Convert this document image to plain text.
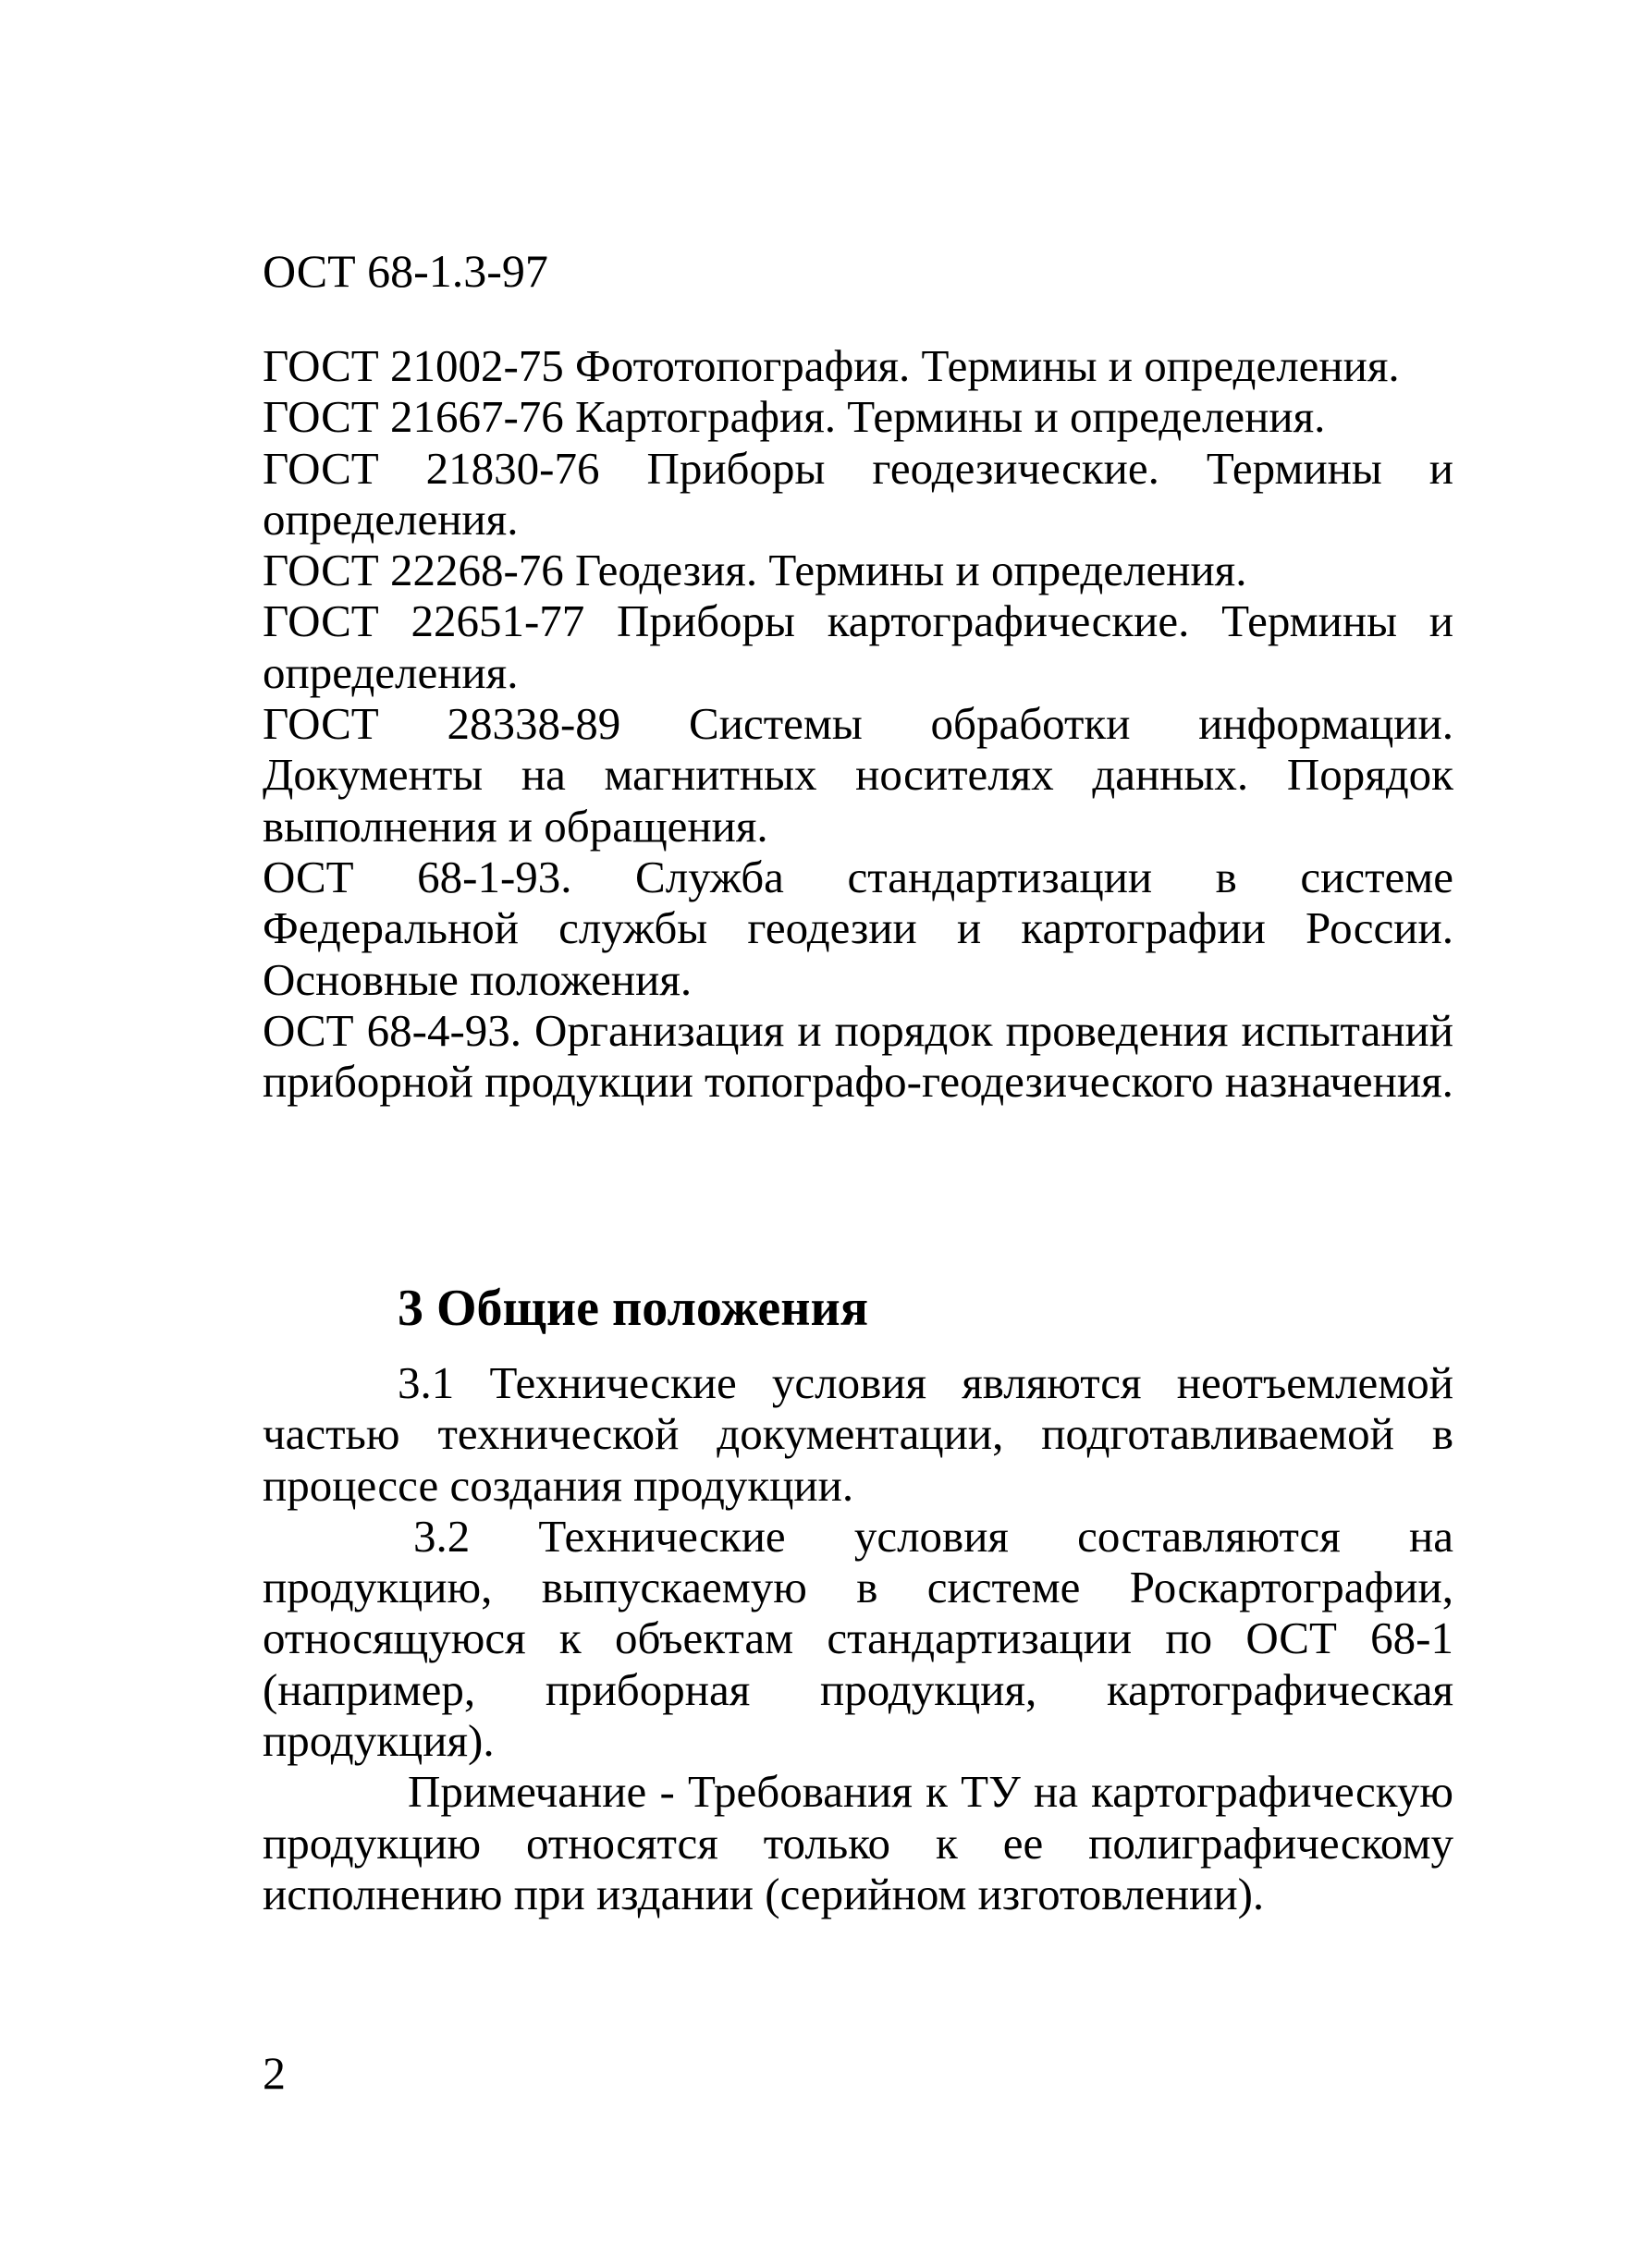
ОСТ 68-1.3-97

ГОСТ 21002-75 Фототопография. Термины и определения.

ГОСТ 21667-76 Картография. Термины и определения.

ГОСТ 21830-76 Приборы геодезические. Термины и определения.

ГОСТ 22268-76 Геодезия. Термины и определения.

ГОСТ 22651-77 Приборы картографические. Термины и определения.

ГОСТ 28338-89 Системы обработки информации. Документы на магнитных носителях данных. Порядок выполнения и обращения.

ОСТ 68-1-93. Служба стандартизации в системе Федеральной службы геодезии и картографии России. Основные положения.

ОСТ 68-4-93. Организация и порядок проведения испытаний приборной продукции топографо-геодезического назначения.

3 Общие положения

3.1 Технические условия являются неотъемлемой частью технической документации, подготавливаемой в процессе создания продукции.

3.2 Технические условия составляются на продукцию, выпускаемую в системе Роскартографии, относящуюся к объектам стандартизации по ОСТ 68-1 (например, приборная продукция, картографическая продукция).

Примечание - Требования к ТУ на картографическую продукцию относятся только к ее полиграфическому исполнению при издании (серийном изготовлении).

2
